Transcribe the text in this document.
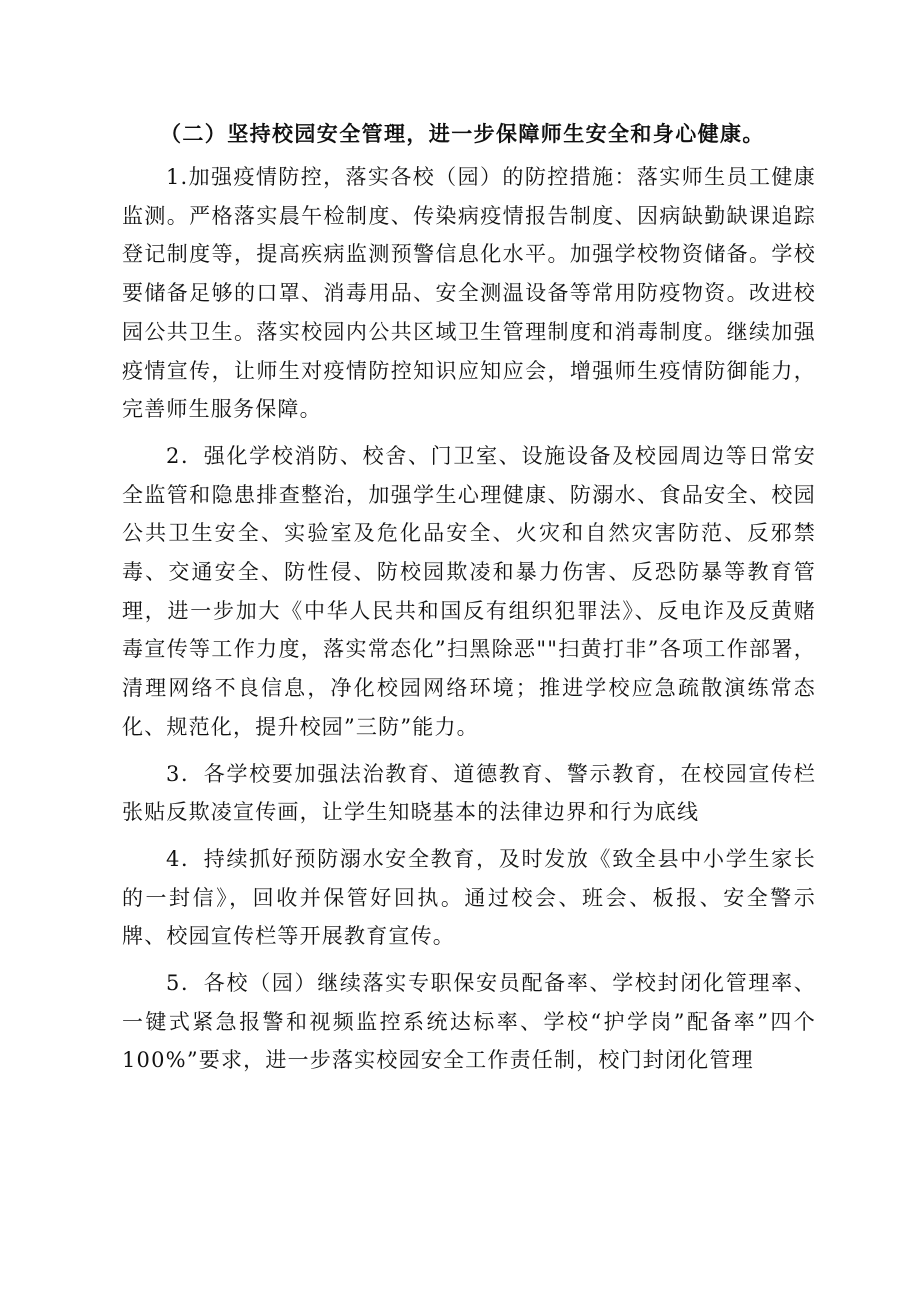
（二）坚持校园安全管理，进一步保障师生安全和身心健康。

1.加强疫情防控，落实各校（园）的防控措施：落实师生员工健康监测。严格落实晨午检制度、传染病疫情报告制度、因病缺勤缺课追踪登记制度等，提高疾病监测预警信息化水平。加强学校物资储备。学校要储备足够的口罩、消毒用品、安全测温设备等常用防疫物资。改进校园公共卫生。落实校园内公共区域卫生管理制度和消毒制度。继续加强疫情宣传，让师生对疫情防控知识应知应会，增强师生疫情防御能力，完善师生服务保障。

2．强化学校消防、校舍、门卫室、设施设备及校园周边等日常安全监管和隐患排查整治，加强学生心理健康、防溺水、食品安全、校园公共卫生安全、实验室及危化品安全、火灾和自然灾害防范、反邪禁毒、交通安全、防性侵、防校园欺凌和暴力伤害、反恐防暴等教育管理，进一步加大《中华人民共和国反有组织犯罪法》、反电诈及反黄赌毒宣传等工作力度，落实常态化”扫黑除恶""扫黄打非”各项工作部署，清理网络不良信息，净化校园网络环境；推进学校应急疏散演练常态化、规范化，提升校园”三防”能力。

3．各学校要加强法治教育、道德教育、警示教育，在校园宣传栏张贴反欺凌宣传画，让学生知晓基本的法律边界和行为底线

4．持续抓好预防溺水安全教育，及时发放《致全县中小学生家长的一封信》，回收并保管好回执。通过校会、班会、板报、安全警示牌、校园宣传栏等开展教育宣传。

5．各校（园）继续落实专职保安员配备率、学校封闭化管理率、一键式紧急报警和视频监控系统达标率、学校“护学岗”配备率”四个100%”要求，进一步落实校园安全工作责任制，校门封闭化管理
